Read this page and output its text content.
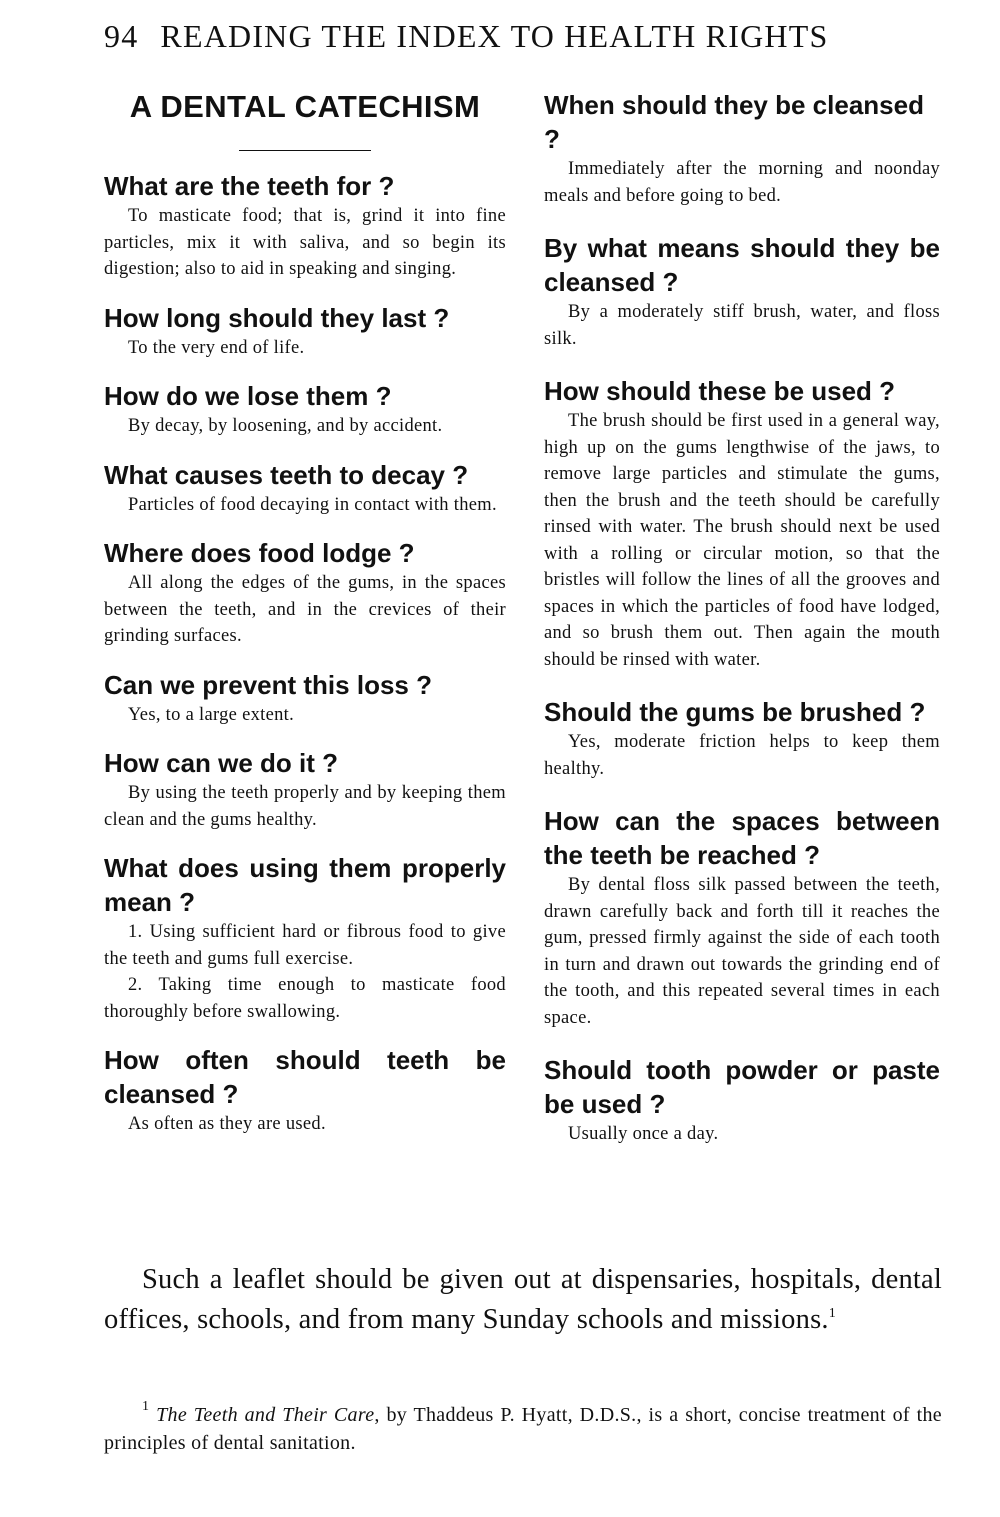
94 READING THE INDEX TO HEALTH RIGHTS
A DENTAL CATECHISM
What are the teeth for ?

To masticate food; that is, grind it into fine particles, mix it with saliva, and so begin its digestion; also to aid in speaking and singing.

How long should they last ?

To the very end of life.

How do we lose them ?

By decay, by loosening, and by accident.

What causes teeth to decay ?

Particles of food decaying in contact with them.

Where does food lodge ?

All along the edges of the gums, in the spaces between the teeth, and in the crevices of their grinding surfaces.

Can we prevent this loss ?

Yes, to a large extent.

How can we do it ?

By using the teeth properly and by keeping them clean and the gums healthy.

What does using them properly mean ?

1. Using sufficient hard or fibrous food to give the teeth and gums full exercise.

2. Taking time enough to masticate food thoroughly before swallowing.

How often should teeth be cleansed ?

As often as they are used.

When should they be cleansed ?

Immediately after the morning and noonday meals and before going to bed.

By what means should they be cleansed ?

By a moderately stiff brush, water, and floss silk.

How should these be used ?

The brush should be first used in a general way, high up on the gums lengthwise of the jaws, to remove large particles and stimulate the gums, then the brush and the teeth should be carefully rinsed with water. The brush should next be used with a rolling or circular motion, so that the bristles will follow the lines of all the grooves and spaces in which the particles of food have lodged, and so brush them out. Then again the mouth should be rinsed with water.

Should the gums be brushed ?

Yes, moderate friction helps to keep them healthy.

How can the spaces between the teeth be reached ?

By dental floss silk passed between the teeth, drawn carefully back and forth till it reaches the gum, pressed firmly against the side of each tooth in turn and drawn out towards the grinding end of the tooth, and this repeated several times in each space.

Should tooth powder or paste be used ?

Usually once a day.

Such a leaflet should be given out at dispensaries, hospitals, dental offices, schools, and from many Sunday schools and missions.$^1$

$^1$ The Teeth and Their Care, by Thaddeus P. Hyatt, D.D.S., is a short, concise treatment of the principles of dental sanitation.
